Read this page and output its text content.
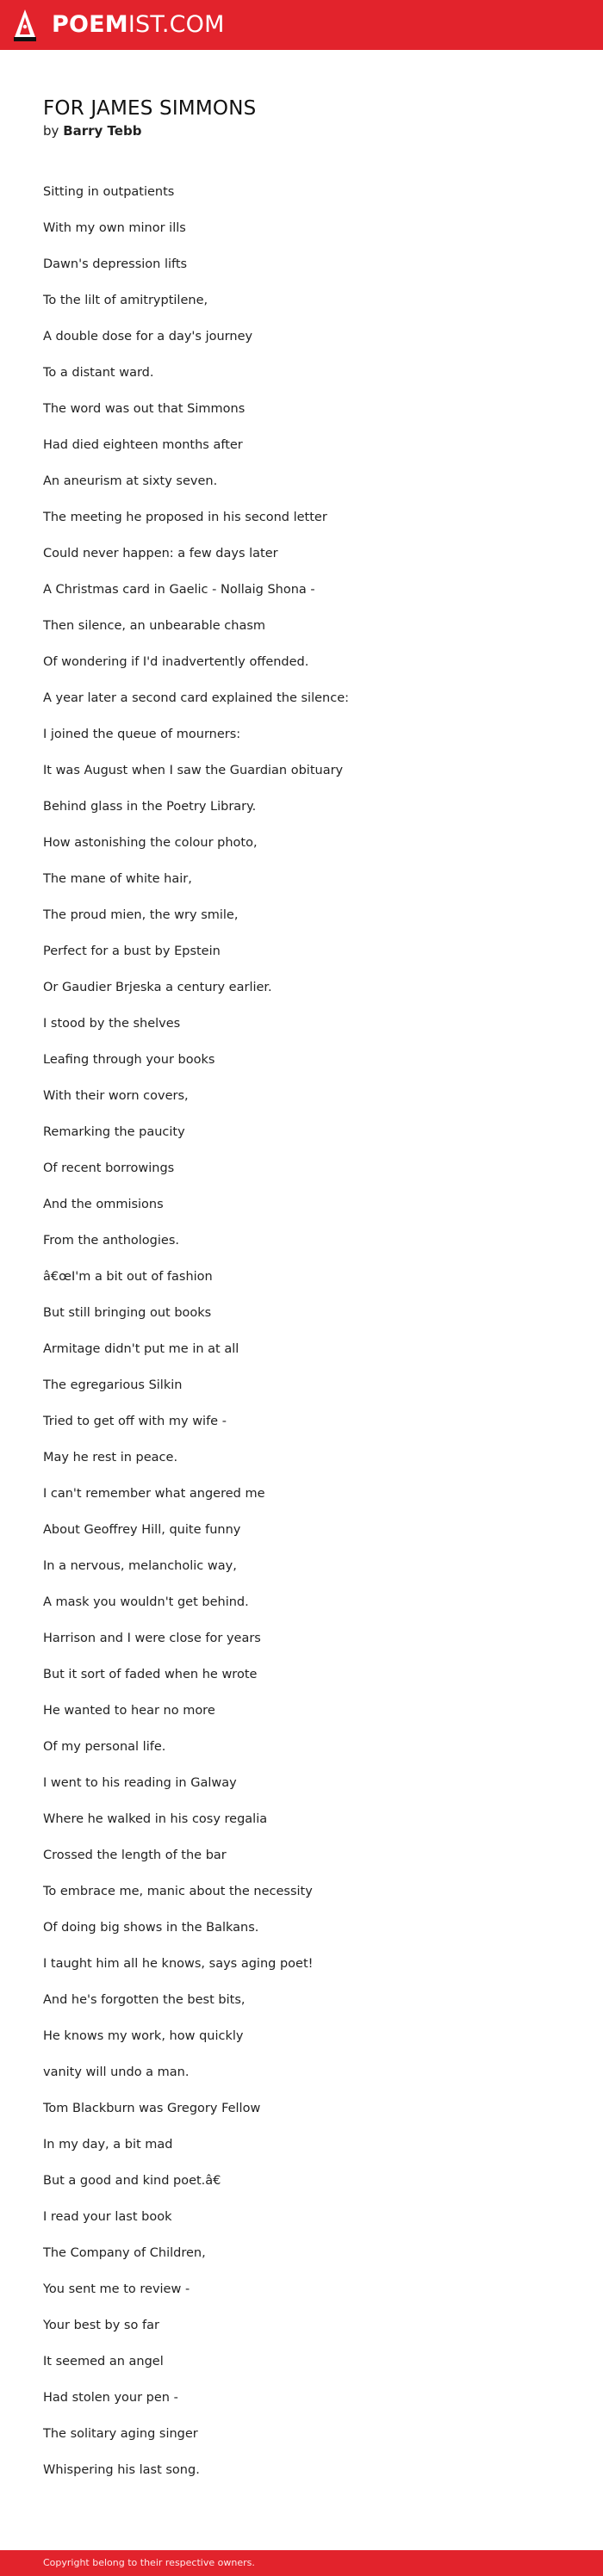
POEMIST.COM
FOR JAMES SIMMONS
by Barry Tebb
Sitting in outpatients
With my own minor ills
Dawn's depression lifts
To the lilt of amitryptilene,
A double dose for a day's journey
To a distant ward.
The word was out that Simmons
Had died eighteen months after
An aneurism at sixty seven.
The meeting he proposed in his second letter
Could never happen: a few days later
A Christmas card in Gaelic - Nollaig Shona -
Then silence, an unbearable chasm
Of wondering if I'd inadvertently offended.
A year later a second card explained the silence:
I joined the queue of mourners:
It was August when I saw the Guardian obituary
Behind glass in the Poetry Library.
How astonishing the colour photo,
The mane of white hair,
The proud mien, the wry smile,
Perfect for a bust by Epstein
Or Gaudier Brjeska a century earlier.
I stood by the shelves
Leafing through your books
With their worn covers,
Remarking the paucity
Of recent borrowings
And the ommisions
From the anthologies.
â€œI'm a bit out of fashion
But still bringing out books
Armitage didn't put me in at all
The egregarious Silkin
Tried to get off with my wife -
May he rest in peace.
I can't remember what angered me
About Geoffrey Hill, quite funny
In a nervous, melancholic way,
A mask you wouldn't get behind.
Harrison and I were close for years
But it sort of faded when he wrote
He wanted to hear no more
Of my personal life.
I went to his reading in Galway
Where he walked in his cosy regalia
Crossed the length of the bar
To embrace me, manic about the necessity
Of doing big shows in the Balkans.
I taught him all he knows, says aging poet!
And he's forgotten the best bits,
He knows my work, how quickly
vanity will undo a man.
Tom Blackburn was Gregory Fellow
In my day, a bit mad
But a good and kind poet.â€
I read your last book
The Company of Children,
You sent me to review -
Your best by so far
It seemed an angel
Had stolen your pen -
The solitary aging singer
Whispering his last song.
Copyright belong to their respective owners.
